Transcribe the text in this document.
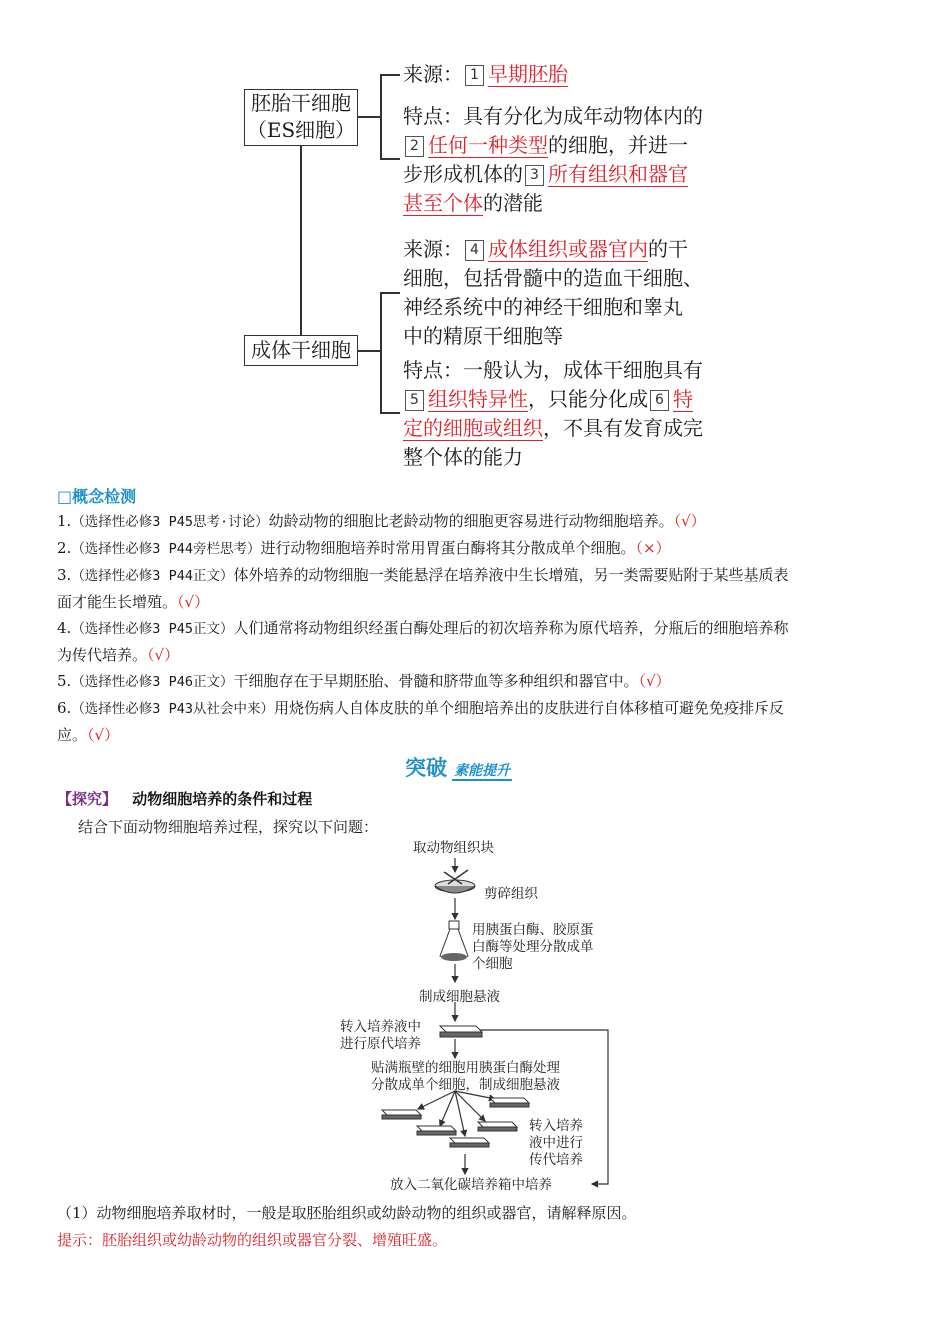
胚胎干细胞
（ES细胞）
成体干细胞
来源： 1 早期胚胎
特点：具有分化为成年动物体内的
2 任何一种类型的细胞，并进一
步形成机体的 3 所有组织和器官
甚至个体的潜能
来源： 4 成体组织或器官内的干
细胞，包括骨髓中的造血干细胞、
神经系统中的神经干细胞和睾丸
中的精原干细胞等
特点：一般认为，成体干细胞具有
5 组织特异性，只能分化成 6 特
定的细胞或组织，不具有发育成完
整个体的能力
□概念检测

1.（选择性必修3 P45思考·讨论）幼龄动物的细胞比老龄动物的细胞更容易进行动物细胞培养。（√）

2.（选择性必修3 P44旁栏思考）进行动物细胞培养时常用胃蛋白酶将其分散成单个细胞。（×）

3.（选择性必修3 P44正文）体外培养的动物细胞一类能悬浮在培养液中生长增殖，另一类需要贴附于某些基质表
面才能生长增殖。（√）

4.（选择性必修3 P45正文）人们通常将动物组织经蛋白酶处理后的初次培养称为原代培养，分瓶后的细胞培养称
为传代培养。（√）

5.（选择性必修3 P46正文）干细胞存在于早期胚胎、骨髓和脐带血等多种组织和器官中。（√）

6.（选择性必修3 P43从社会中来）用烧伤病人自体皮肤的单个细胞培养出的皮肤进行自体移植可避免免疫排斥反
应。（√）

突破 素能提升
【探究】 动物细胞培养的条件和过程
结合下面动物细胞培养过程，探究以下问题：
取动物组织块
剪碎组织
用胰蛋白酶、胶原蛋
白酶等处理分散成单
个细胞
制成细胞悬液
转入培养液中
进行原代培养
贴满瓶壁的细胞用胰蛋白酶处理
分散成单个细胞，制成细胞悬液
转入培养
液中进行
传代培养
放入二氧化碳培养箱中培养
（1）动物细胞培养取材时，一般是取胚胎组织或幼龄动物的组织或器官，请解释原因。
提示：胚胎组织或幼龄动物的组织或器官分裂、增殖旺盛。
